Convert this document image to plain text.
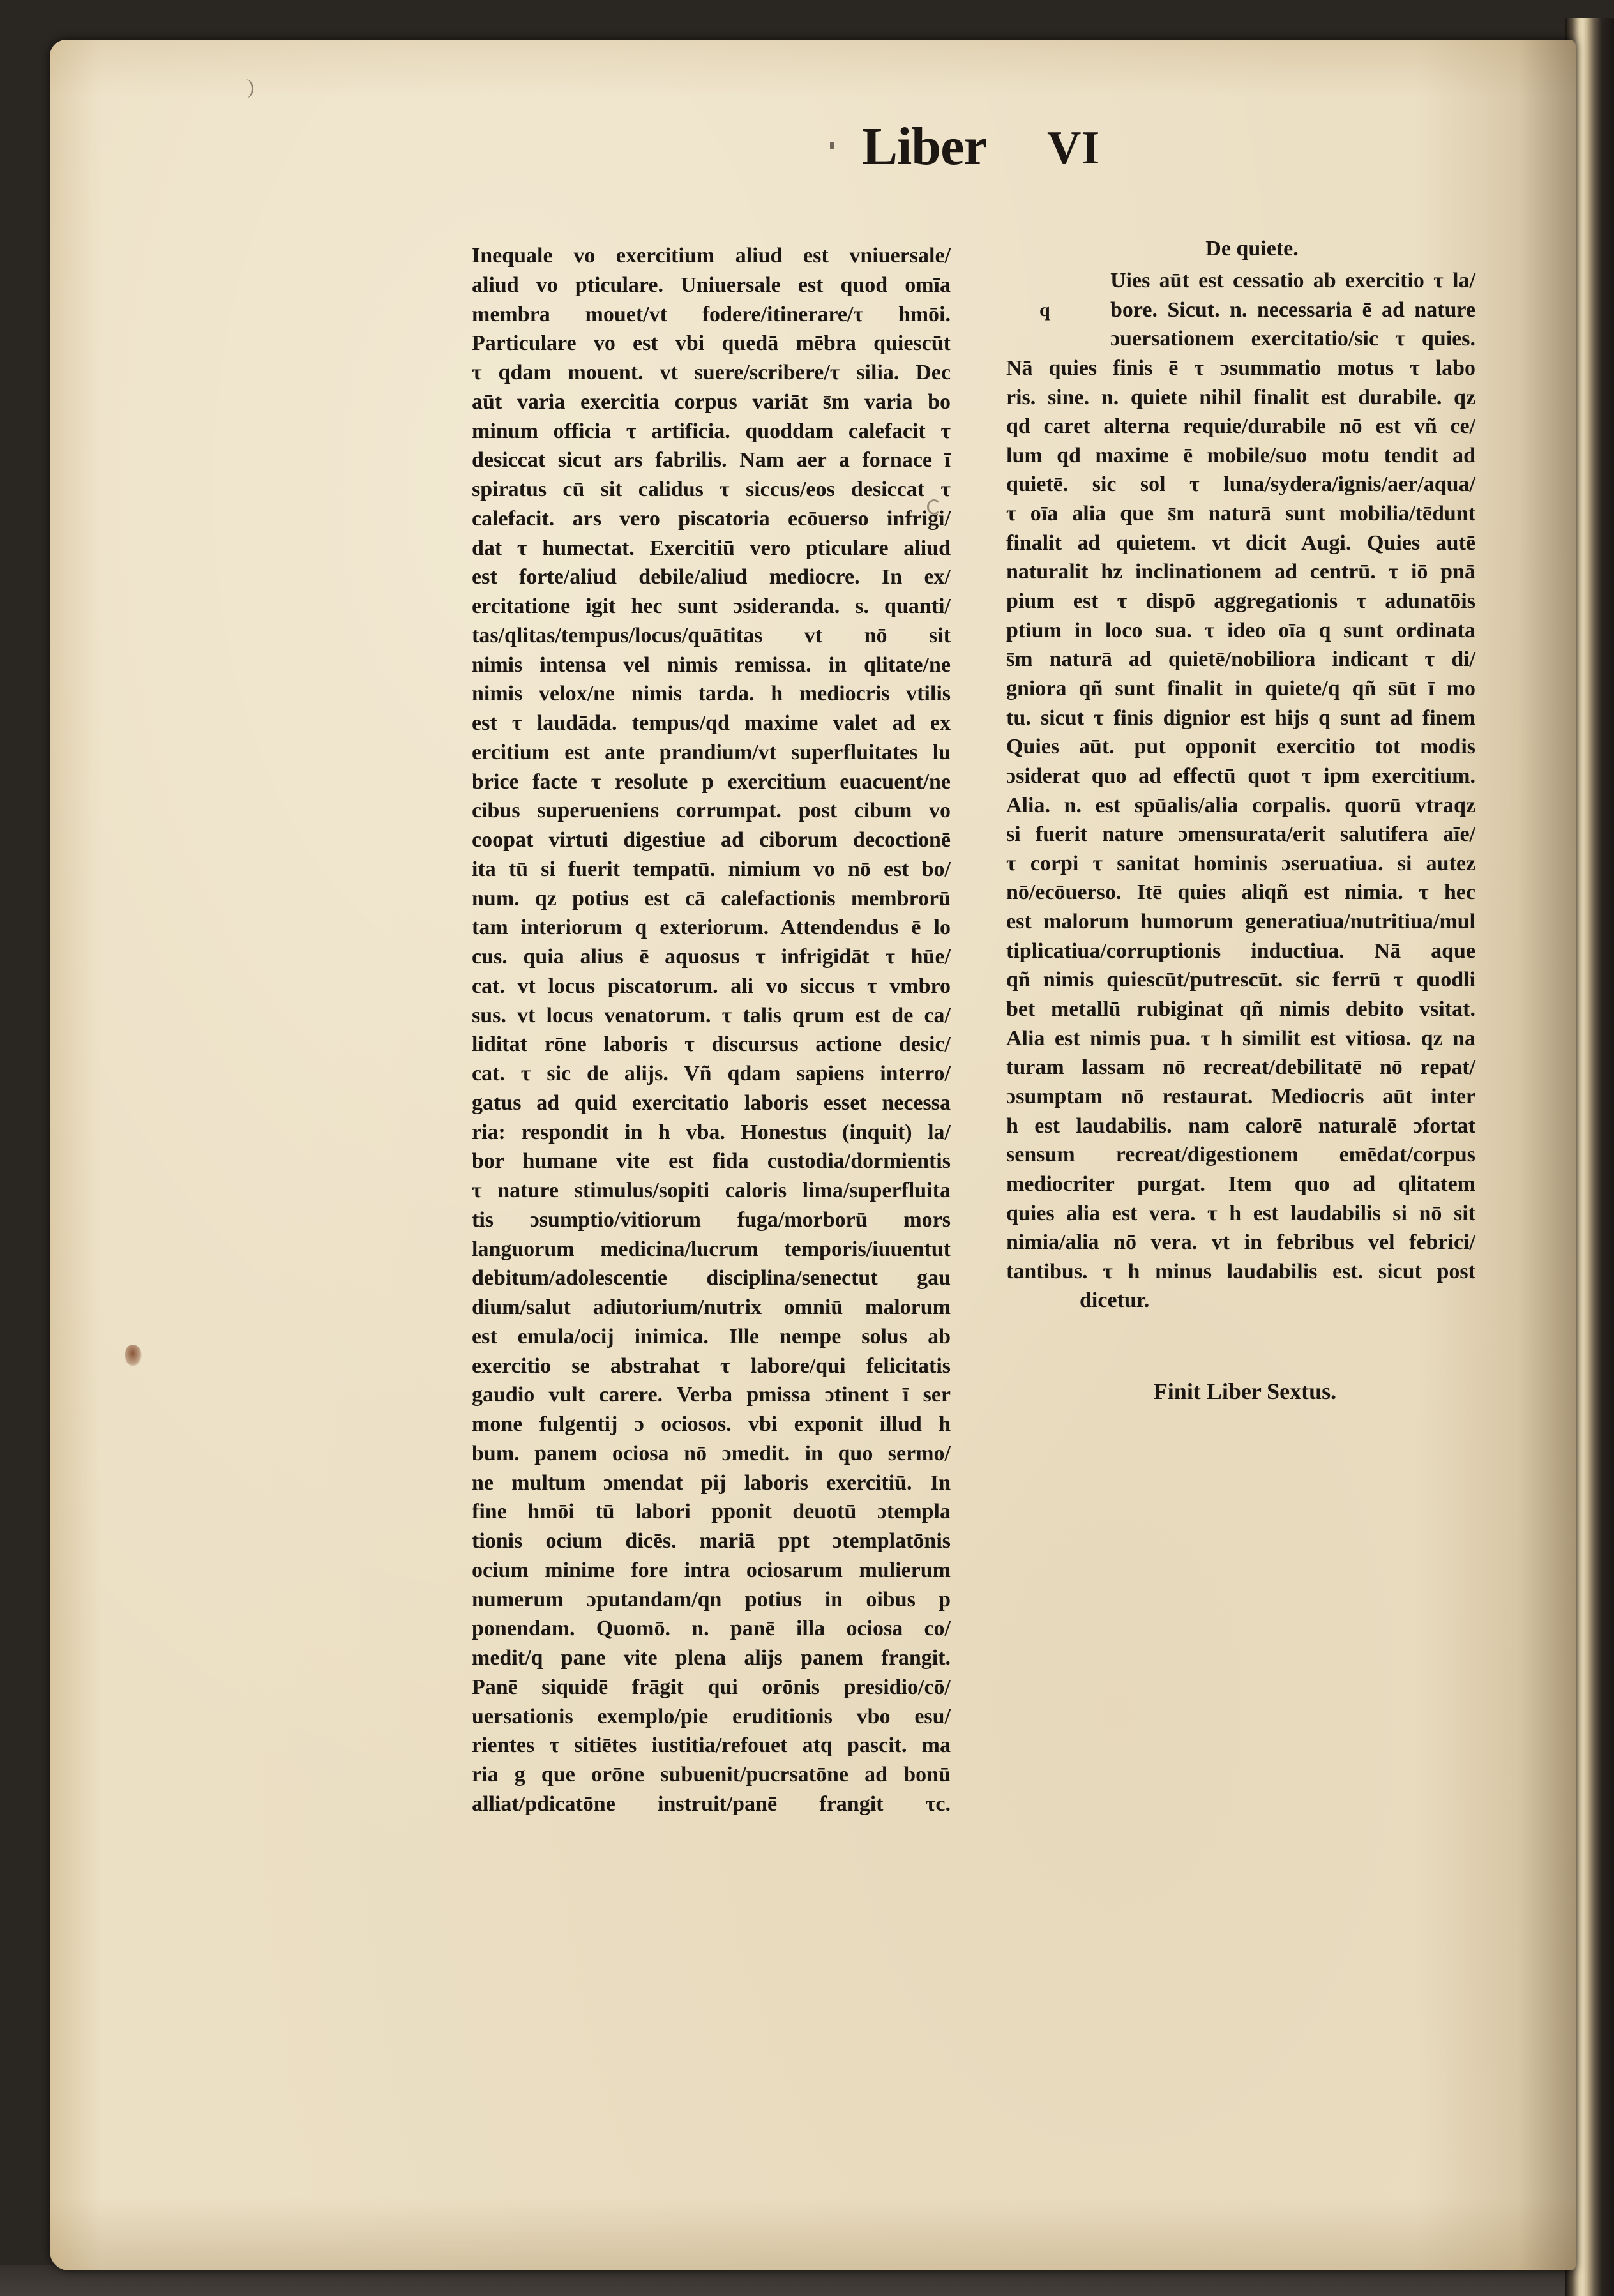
Liber VI
Inequale vo exercitium aliud est vniuersale/
aliud vo pticulare. Uniuersale est quod omīa
membra mouet/vt fodere/itinerare/τ hmōi.
Particulare vo est vbi quedā mēbra quiescūt
τ qdam mouent. vt suere/scribere/τ silia. Dec
aūt varia exercitia corpus variāt s̄m varia bo
minum officia τ artificia. quoddam calefacit τ
desiccat sicut ars fabrilis. Nam aer a fornace ī
spiratus cū sit calidus τ siccus/eos desiccat τ
calefacit. ars vero piscatoria ecōuerso infrigi/
dat τ humectat. Exercitiū vero pticulare aliud
est forte/aliud debile/aliud mediocre. In ex/
ercitatione igit hec sunt ɔsideranda. s. quanti/
tas/qlitas/tempus/locus/quātitas vt nō sit
nimis intensa vel nimis remissa. in qlitate/ne
nimis velox/ne nimis tarda. h mediocris vtilis
est τ laudāda. tempus/qd maxime valet ad ex
ercitium est ante prandium/vt superfluitates lu
brice facte τ resolute p exercitium euacuent/ne
cibus superueniens corrumpat. post cibum vo
coopat virtuti digestiue ad ciborum decoctionē
ita tū si fuerit tempatū. nimium vo nō est bo/
num. qz potius est cā calefactionis membrorū
tam interiorum q exteriorum. Attendendus ē lo
cus. quia alius ē aquosus τ infrigidāt τ hūe/
cat. vt locus piscatorum. ali vo siccus τ vmbro
sus. vt locus venatorum. τ talis qrum est de ca/
liditat rōne laboris τ discursus actione desic/
cat. τ sic de alijs. Vñ qdam sapiens interro/
gatus ad quid exercitatio laboris esset necessa
ria: respondit in h vba. Honestus (inquit) la/
bor humane vite est fida custodia/dormientis
τ nature stimulus/sopiti caloris lima/superfluita
tis ɔsumptio/vitiorum fuga/morborū mors
languorum medicina/lucrum temporis/iuuentut
debitum/adolescentie disciplina/senectut gau
dium/salut adiutorium/nutrix omniū malorum
est emula/ocij inimica. Ille nempe solus ab
exercitio se abstrahat τ labore/qui felicitatis
gaudio vult carere. Verba pmissa ɔtinent ī ser
mone fulgentij ɔ ociosos. vbi exponit illud h
bum. panem ociosa nō ɔmedit. in quo sermo/
ne multum ɔmendat pij laboris exercitiū. In
fine hmōi tū labori pponit deuotū ɔtempla
tionis ocium dicēs. mariā ppt ɔtemplatōnis
ocium minime fore intra ociosarum mulierum
numerum ɔputandam/qn potius in oibus p
ponendam. Quomō. n. panē illa ociosa co/
medit/q pane vite plena alijs panem frangit.
Panē siquidē frāgit qui orōnis presidio/cō/
uersationis exemplo/pie eruditionis vbo esu/
rientes τ sitiētes iustitia/refouet atq pascit. ma
ria g que orōne subuenit/pucrsatōne ad bonū
alliat/pdicatōne instruit/panē frangit τc.
De quiete.
q
Uies aūt est cessatio ab exercitio τ la/
bore. Sicut. n. necessaria ē ad nature
ɔuersationem exercitatio/sic τ quies.
Nā quies finis ē τ ɔsummatio motus τ labo
ris. sine. n. quiete nihil finalit est durabile. qz
qd caret alterna requie/durabile nō est vñ ce/
lum qd maxime ē mobile/suo motu tendit ad
quietē. sic sol τ luna/sydera/ignis/aer/aqua/
τ oīa alia que s̄m naturā sunt mobilia/tēdunt
finalit ad quietem. vt dicit Augi. Quies autē
naturalit hz inclinationem ad centrū. τ iō pnā
pium est τ dispō aggregationis τ adunatōis
ptium in loco sua. τ ideo oīa q sunt ordinata
s̄m naturā ad quietē/nobiliora indicant τ di/
gniora qñ sunt finalit in quiete/q qñ sūt ī mo
tu. sicut τ finis dignior est hijs q sunt ad finem
Quies aūt. put opponit exercitio tot modis
ɔsiderat quo ad effectū quot τ ipm exercitium.
Alia. n. est spūalis/alia corpalis. quorū vtraqz
si fuerit nature ɔmensurata/erit salutifera aīe/
τ corpi τ sanitat hominis ɔseruatiua. si autez
nō/ecōuerso. Itē quies aliqñ est nimia. τ hec
est malorum humorum generatiua/nutritiua/mul
tiplicatiua/corruptionis inductiua. Nā aque
qñ nimis quiescūt/putrescūt. sic ferrū τ quodli
bet metallū rubiginat qñ nimis debito vsitat.
Alia est nimis pua. τ h similit est vitiosa. qz na
turam lassam nō recreat/debilitatē nō repat/
ɔsumptam nō restaurat. Mediocris aūt inter
h est laudabilis. nam calorē naturalē ɔfortat
sensum recreat/digestionem emēdat/corpus
mediocriter purgat. Item quo ad qlitatem
quies alia est vera. τ h est laudabilis si nō sit
nimia/alia nō vera. vt in febribus vel febrici/
tantibus. τ h minus laudabilis est. sicut post
dicetur.
Finit Liber Sextus.
